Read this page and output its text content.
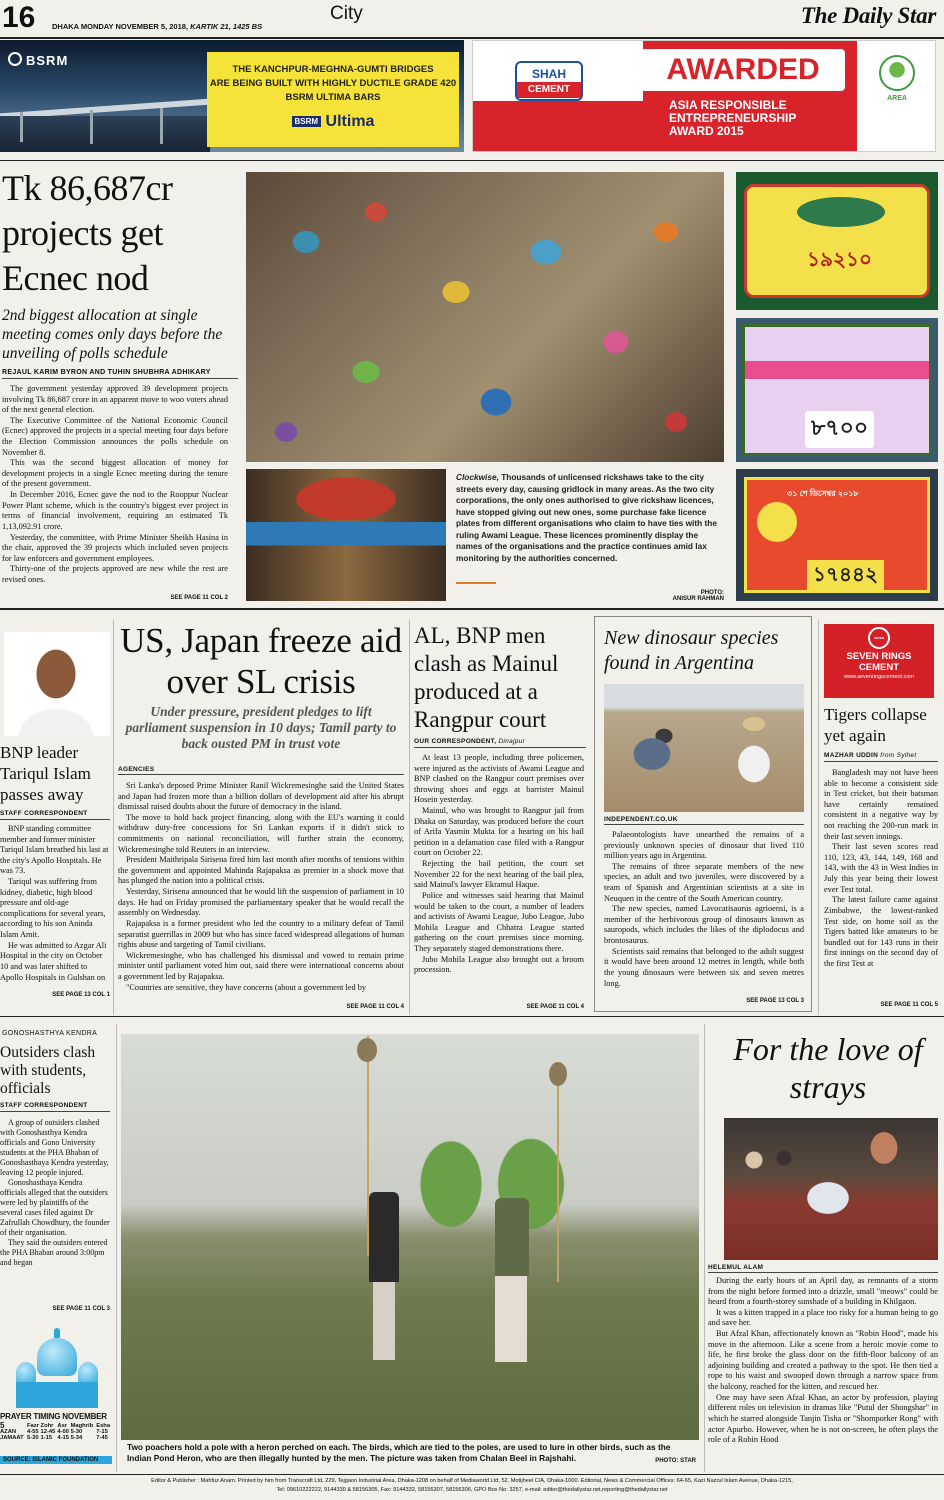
16 DHAKA MONDAY NOVEMBER 5, 2018, KARTIK 21, 1425 BS
City	The Daily Star
BSRM
THE KANCHPUR-MEGHNA-GUMTI BRIDGES
ARE BEING BUILT WITH HIGHLY DUCTILE GRADE 420
BSRM ULTIMA BARS
BSRM Ultima
SHAH
CEMENT
AWARDED
ASIA RESPONSIBLE
ENTREPRENEURSHIP
AWARD 2015
AREA
Tk 86,687cr projects get Ecnec nod
2nd biggest allocation at single meeting comes only days before the unveiling of polls schedule
REJAUL KARIM BYRON AND TUHIN SHUBHRA ADHIKARY

The government yesterday approved 39 development projects involving Tk 86,687 crore in an apparent move to woo voters ahead of the next general election.

The Executive Committee of the National Economic Council (Ecnec) approved the projects in a special meeting four days before the Election Commission announces the polls schedule on November 8.

This was the second biggest allocation of money for development projects in a single Ecnec meeting during the tenure of the present government.

In December 2016, Ecnec gave the nod to the Rooppur Nuclear Power Plant scheme, which is the country's biggest ever project in terms of financial involvement, requiring an estimated Tk 1,13,092.91 crore.

Yesterday, the committee, with Prime Minister Sheikh Hasina in the chair, approved the 39 projects which included seven projects for law enforcers and government employees.

Thirty-one of the projects approved are new while the rest are revised ones.

SEE PAGE 11 COL 2
Clockwise, Thousands of unlicensed rickshaws take to the city streets every day, causing gridlock in many areas. As the two city corporations, the only ones authorised to give rickshaw licences, have stopped giving out new ones, some purchase fake licence plates from different organisations who claim to have ties with the ruling Awami League. These licences prominently display the names of the organisations and the practice continues amid lax monitoring by the authorities concerned.
PHOTO:
ANISUR RAHMAN
১৯২১০
৮৭০০
৩১ শে ডিসেম্বর ২০১৮
১৭৪৪২
BNP leader Tariqul Islam passes away
STAFF CORRESPONDENT

BNP standing committee member and former minister Tariqul Islam breathed his last at the city's Apollo Hospitals. He was 73.

Tariqul was suffering from kidney, diabetic, high blood pressure and old-age complications for several years, according to his son Aninda Islam Amit.

He was admitted to Azgar Ali Hospital in the city on October 10 and was later shifted to Apollo Hospitals in Gulshan on

SEE PAGE 13 COL 1
US, Japan freeze aid over SL crisis
Under pressure, president pledges to lift parliament suspension in 10 days; Tamil party to back ousted PM in trust vote
AGENCIES

Sri Lanka's deposed Prime Minister Ranil Wickremesinghe said the United States and Japan had frozen more than a billion dollars of development aid after his abrupt dismissal raised doubts about the future of democracy in the island.

The move to hold back project financing, along with the EU's warning it could withdraw duty-free concessions for Sri Lankan exports if it didn't stick to commitments on national reconciliation, will further strain the economy, Wickremesinghe told Reuters in an interview.

President Maithripala Sirisena fired him last month after months of tensions within the government and appointed Mahinda Rajapaksa as premier in a shock move that has plunged the nation into a political crisis.

Yesterday, Sirisena announced that he would lift the suspension of parliament in 10 days. He had on Friday promised the parliamentary speaker that he would recall the assembly on Wednesday.

Rajapaksa is a former president who led the country to a military defeat of Tamil separatist guerrillas in 2009 but who has since faced widespread allegations of human rights abuse and targeting of Tamil civilians.

Wickremesinghe, who has challenged his dismissal and vowed to remain prime minister until parliament voted him out, said there were international concerns about a government led by Rajapaksa.

"Countries are sensitive, they have concerns (about a government led by

SEE PAGE 11 COL 4
AL, BNP men clash as Mainul produced at a Rangpur court
OUR CORRESPONDENT, Dinajpur

At least 13 people, including three policemen, were injured as the activists of Awami League and BNP clashed on the Rangpur court premises over throwing shoes and eggs at barrister Mainul Hosein yesterday.

Mainul, who was brought to Rangpur jail from Dhaka on Saturday, was produced before the court of Arifa Yasmin Mukta for a hearing on his bail petition in a defamation case filed with a Rangpur court on October 22.

Rejecting the bail petition, the court set November 22 for the next hearing of the bail plea, said Mainul's lawyer Ekramul Haque.

Police and witnesses said hearing that Mainul would be taken to the court, a number of leaders and activists of Awami League, Jubo League, Jubo Mohila League and Chhatra League started gathering on the court premises since morning. They separately staged demonstrations there.

Jubo Mohila League also brought out a broom procession.

SEE PAGE 11 COL 4
New dinosaur species found in Argentina
INDEPENDENT.CO.UK

Palaeontologists have unearthed the remains of a previously unknown species of dinosaur that lived 110 million years ago in Argentina.

The remains of three separate members of the new species, an adult and two juveniles, were discovered by a team of Spanish and Argentinian scientists at a site in Neuquen in the centre of the South American country.

The new species, named Lavocatisaurus agrioensi, is a member of the herbivorous group of dinosaurs known as sauropods, which includes the likes of the diplodocus and brontosaurus.

Scientists said remains that belonged to the adult suggest it would have been around 12 metres in length, while both the young dinosaurs were between six and seven metres long.

SEE PAGE 13 COL 3
SEVEN
SEVEN RINGS
CEMENT
www.sevenringscement.com
Tigers collapse yet again
MAZHAR UDDIN from Sylhet

Bangladesh may not have been able to become a consistent side in Test cricket, but their batsman have certainly remained consistent in a negative way by not reaching the 200-run mark in their last seven innings.

Their last seven scores read 110, 123, 43, 144, 149, 168 and 143, with the 43 in West Indies in July this year being their lowest ever Test total.

The latest failure came against Zimbabwe, the lowest-ranked Test side, on home soil as the Tigers batted like amateurs to be bundled out for 143 runs in their first innings on the second day of the first Test at

SEE PAGE 11 COL 5
GONOSHASTHYA KENDRA
Outsiders clash with students, officials
STAFF CORRESPONDENT

A group of outsiders clashed with Gonoshasthya Kendra officials and Gono University students at the PHA Bhaban of Gonoshasthaya Kendra yesterday, leaving 12 people injured.

Gonoshasthaya Kendra officials alleged that the outsiders were led by plaintiffs of the several cases filed against Dr Zafrullah Chowdhury, the founder of their organisation.

They said the outsiders entered the PHA Bhaban around 3:00pm and began

SEE PAGE 11 COL 3
PRAYER TIMING NOVEMBER 5
		Fazr	Zohr	Asr	Maghrib	Esha
AZAN	4-55	12-45	4-00	5-30	7-15
JAMAAT	5-30	1-15	4-15	5-34	7-45
SOURCE: ISLAMIC FOUNDATION
Two poachers hold a pole with a heron perched on each. The birds, which are tied to the poles, are used to lure in other birds, such as the Indian Pond Heron, who are then illegally hunted by the men. The picture was taken from Chalan Beel in Rajshahi.	PHOTO: STAR
For the love of strays
HELEMUL ALAM

During the early hours of an April day, as remnants of a storm from the night before formed into a drizzle, small "meows" could be heard from a fourth-storey sunshade of a building in Khilgaon.

It was a kitten trapped in a place too risky for a human being to go and save her.

But Afzal Khan, affectionately known as "Robin Hood", made his move in the afternoon. Like a scene from a heroic movie come to life, he first broke the glass door on the fifth-floor balcony of an adjoining building and created a pathway to the spot. He then tied a rope to his waist and swooped down through a narrow space from the balcony, reached for the kitten, and rescued her.

One may have seen Afzal Khan, an actor by profession, playing different roles on television in dramas like "Putul der Shongshar" in which he starred alongside Tanjin Tisha or "Shomporker Rong" with actor Apurbo. However, when he is not on-screen, he often plays the role of a Robin Hood

Editor & Publisher : Mahfuz Anam. Printed by him from Transcraft Ltd, 229, Tejgaon Industrial Area, Dhaka-1208 on behalf of Mediaworld Ltd, 52, Motijheel C/A, Dhaka-1000. Editorial, News & Commercial Offices: 64-65, Kazi Nazrul Islam Avenue, Dhaka-1215,
Tel: 09610222222, 9144330 & 58156305, Fax: 9144332, 58156307, 58156306, GPO Box No: 3257, e-mail: editor@thedailystar.net,reporting@thedailystar.net
